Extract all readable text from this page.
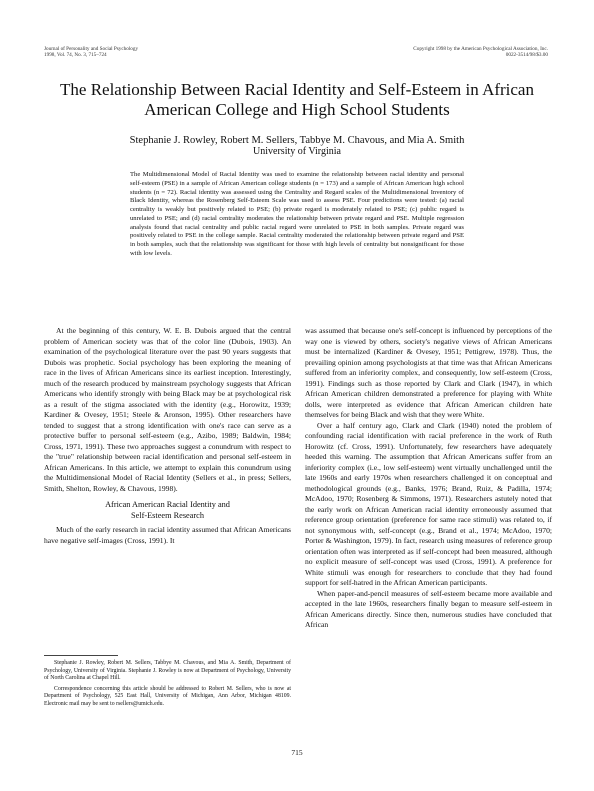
Journal of Personality and Social Psychology
1998, Vol. 74, No. 3, 715–724
Copyright 1998 by the American Psychological Association, Inc.
0022-3514/98/$3.00
The Relationship Between Racial Identity and Self-Esteem in African American College and High School Students
Stephanie J. Rowley, Robert M. Sellers, Tabbye M. Chavous, and Mia A. Smith
University of Virginia

The Multidimensional Model of Racial Identity was used to examine the relationship between racial identity and personal self-esteem (PSE) in a sample of African American college students (n = 173) and a sample of African American high school students (n = 72). Racial identity was assessed using the Centrality and Regard scales of the Multidimensional Inventory of Black Identity, whereas the Rosenberg Self-Esteem Scale was used to assess PSE. Four predictions were tested: (a) racial centrality is weakly but positively related to PSE; (b) private regard is moderately related to PSE; (c) public regard is unrelated to PSE; and (d) racial centrality moderates the relationship between private regard and PSE. Multiple regression analysis found that racial centrality and public racial regard were unrelated to PSE in both samples. Private regard was positively related to PSE in the college sample. Racial centrality moderated the relationship between private regard and PSE in both samples, such that the relationship was significant for those with high levels of centrality but nonsignificant for those with low levels.

At the beginning of this century, W. E. B. Dubois argued that the central problem of American society was that of the color line (Dubois, 1903). An examination of the psychological literature over the past 90 years suggests that Dubois was prophetic. Social psychology has been exploring the meaning of race in the lives of African Americans since its earliest inception. Interestingly, much of the research produced by mainstream psychology suggests that African Americans who identify strongly with being Black may be at psychological risk as a result of the stigma associated with the identity (e.g., Horowitz, 1939; Kardiner & Ovesey, 1951; Steele & Aronson, 1995). Other researchers have tended to suggest that a strong identification with one's race can serve as a protective buffer to personal self-esteem (e.g., Azibo, 1989; Baldwin, 1984; Cross, 1971, 1991). These two approaches suggest a conundrum with respect to the "true" relationship between racial identification and personal self-esteem in African Americans. In this article, we attempt to explain this conundrum using the Multidimensional Model of Racial Identity (Sellers et al., in press; Sellers, Smith, Shelton, Rowley, & Chavous, 1998).

African American Racial Identity and
Self-Esteem Research

Much of the early research in racial identity assumed that African Americans have negative self-images (Cross, 1991). It

Stephanie J. Rowley, Robert M. Sellers, Tabbye M. Chavous, and Mia A. Smith, Department of Psychology, University of Virginia. Stephanie J. Rowley is now at Department of Psychology, University of North Carolina at Chapel Hill.

Correspondence concerning this article should be addressed to Robert M. Sellers, who is now at Department of Psychology, 525 East Hall, University of Michigan, Ann Arbor, Michigan 48109. Electronic mail may be sent to rsellers@umich.edu.

was assumed that because one's self-concept is influenced by perceptions of the way one is viewed by others, society's negative views of African Americans must be internalized (Kardiner & Ovesey, 1951; Pettigrew, 1978). Thus, the prevailing opinion among psychologists at that time was that African Americans suffered from an inferiority complex, and consequently, low self-esteem (Cross, 1991). Findings such as those reported by Clark and Clark (1947), in which African American children demonstrated a preference for playing with White dolls, were interpreted as evidence that African American children hate themselves for being Black and wish that they were White.

Over a half century ago, Clark and Clark (1940) noted the problem of confounding racial identification with racial preference in the work of Ruth Horowitz (cf. Cross, 1991). Unfortunately, few researchers have adequately heeded this warning. The assumption that African Americans suffer from an inferiority complex (i.e., low self-esteem) went virtually unchallenged until the late 1960s and early 1970s when researchers challenged it on conceptual and methodological grounds (e.g., Banks, 1976; Brand, Ruiz, & Padilla, 1974; McAdoo, 1970; Rosenberg & Simmons, 1971). Researchers astutely noted that the early work on African American racial identity erroneously assumed that reference group orientation (preference for same race stimuli) was related to, if not synonymous with, self-concept (e.g., Brand et al., 1974; McAdoo, 1970; Porter & Washington, 1979). In fact, research using measures of reference group orientation often was interpreted as if self-concept had been measured, although no explicit measure of self-concept was used (Cross, 1991). A preference for White stimuli was enough for researchers to conclude that they had found support for self-hatred in the African American participants.

When paper-and-pencil measures of self-esteem became more available and accepted in the late 1960s, researchers finally began to measure self-esteem in African Americans directly. Since then, numerous studies have concluded that African

715
